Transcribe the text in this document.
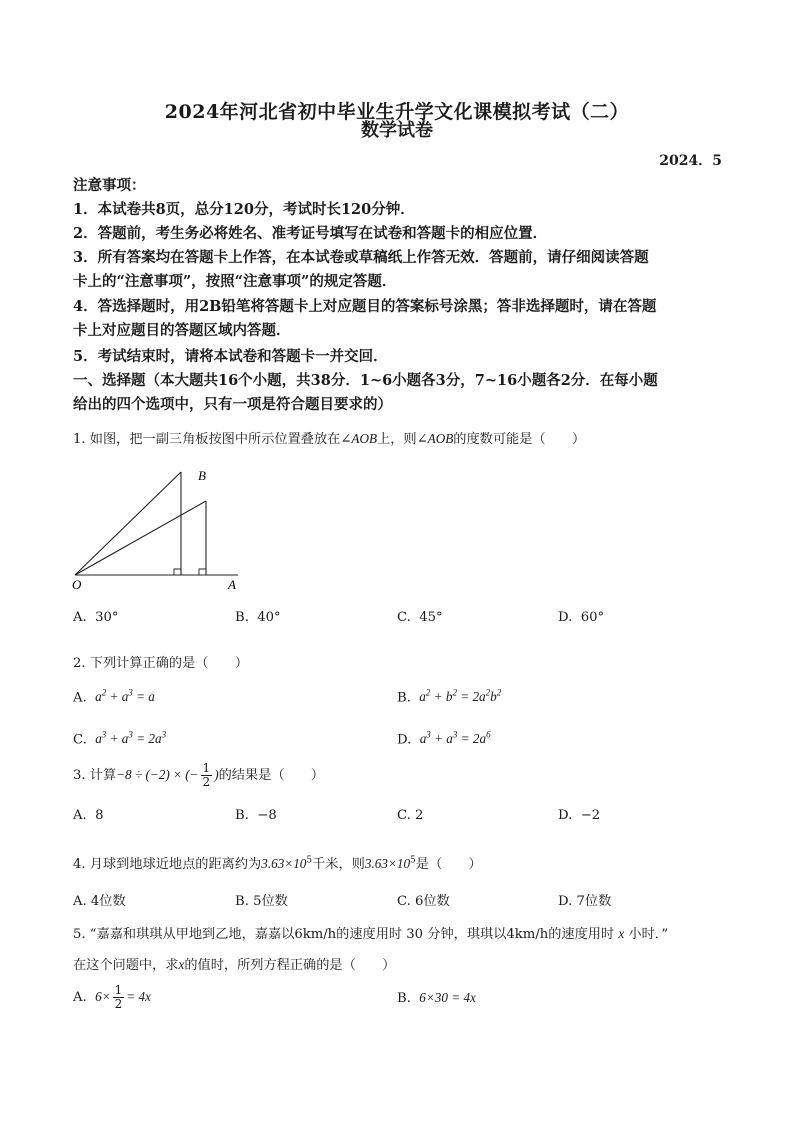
2024年河北省初中毕业生升学文化课模拟考试（二）
数学试卷
2024．5
注意事项：
1．本试卷共8页，总分120分，考试时长120分钟．
2．答题前，考生务必将姓名、准考证号填写在试卷和答题卡的相应位置．
3．所有答案均在答题卡上作答，在本试卷或草稿纸上作答无效．答题前，请仔细阅读答题
卡上的“注意事项”，按照“注意事项”的规定答题．
4．答选择题时，用2B铅笔将答题卡上对应题目的答案标号涂黑；答非选择题时，请在答题
卡上对应题目的答题区域内答题．
5．考试结束时，请将本试卷和答题卡一并交回．
一、选择题（本大题共16个小题，共38分．1~6小题各3分，7~16小题各2分．在每小题
给出的四个选项中，只有一项是符合题目要求的）
1. 如图，把一副三角板按图中所示位置叠放在∠AOB上，则∠AOB的度数可能是（　　）
B
O	A
A. 30°	B. 40°	C. 45°	D. 60°
2. 下列计算正确的是（　　）
A. $a^2 + a^3 = a$	B. $a^2 + b^2 = 2a^2b^2$
C. $a^3 + a^3 = 2a^3$	D. $a^3 + a^3 = 2a^6$
3. 计算−8 ÷ (−2) × (− $\frac{1}{2}$ )的结果是（　　）
A. 8	B. −8	C. 2	D. −2
4. 月球到地球近地点的距离约为$3.63\times 10^5$千米，则$3.63\times 10^5$是（　　）
A. 4位数	B. 5位数	C. 6位数	D. 7位数
5. “嘉嘉和琪琪从甲地到乙地，嘉嘉以6km/h的速度用时 30 分钟，琪琪以4km/h的速度用时 x 小时．”
在这个问题中，求x的值时，所列方程正确的是（　　）
A. $6\times \frac{1}{2} = 4x$	B. 6×30 = 4x
